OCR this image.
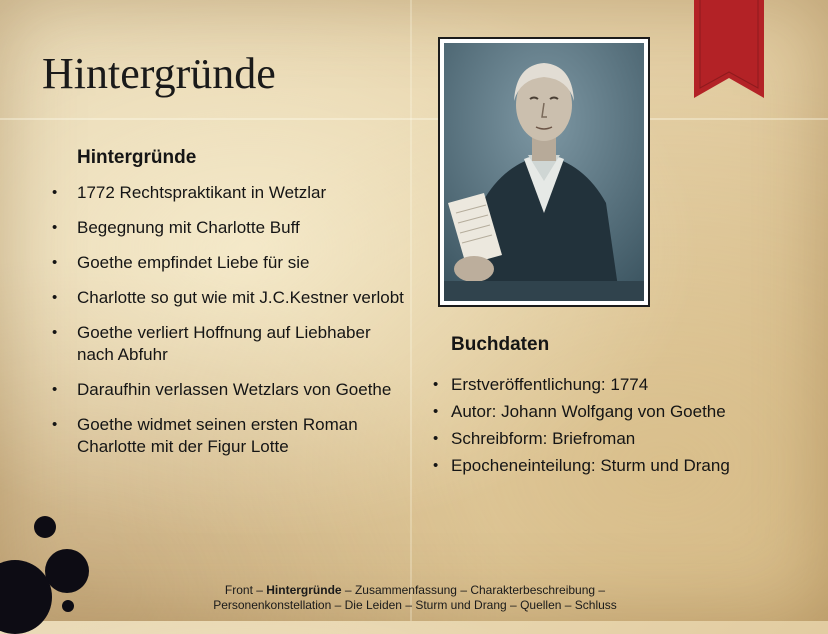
Hintergründe
Hintergründe
• 1772 Rechtspraktikant in Wetzlar
• Begegnung mit Charlotte Buff
• Goethe empfindet Liebe für sie
• Charlotte so gut wie mit J.C.Kestner verlobt
• Goethe verliert Hoffnung auf Liebhaber nach Abfuhr
• Daraufhin verlassen Wetzlars von Goethe
• Goethe widmet seinen ersten Roman Charlotte mit der Figur Lotte
Buchdaten
• Erstveröffentlichung: 1774
• Autor: Johann Wolfgang von Goethe
• Schreibform: Briefroman
• Epocheneinteilung: Sturm und Drang
Front – Hintergründe – Zusammenfassung – Charakterbeschreibung –
Personenkonstellation – Die Leiden – Sturm und Drang – Quellen – Schluss
